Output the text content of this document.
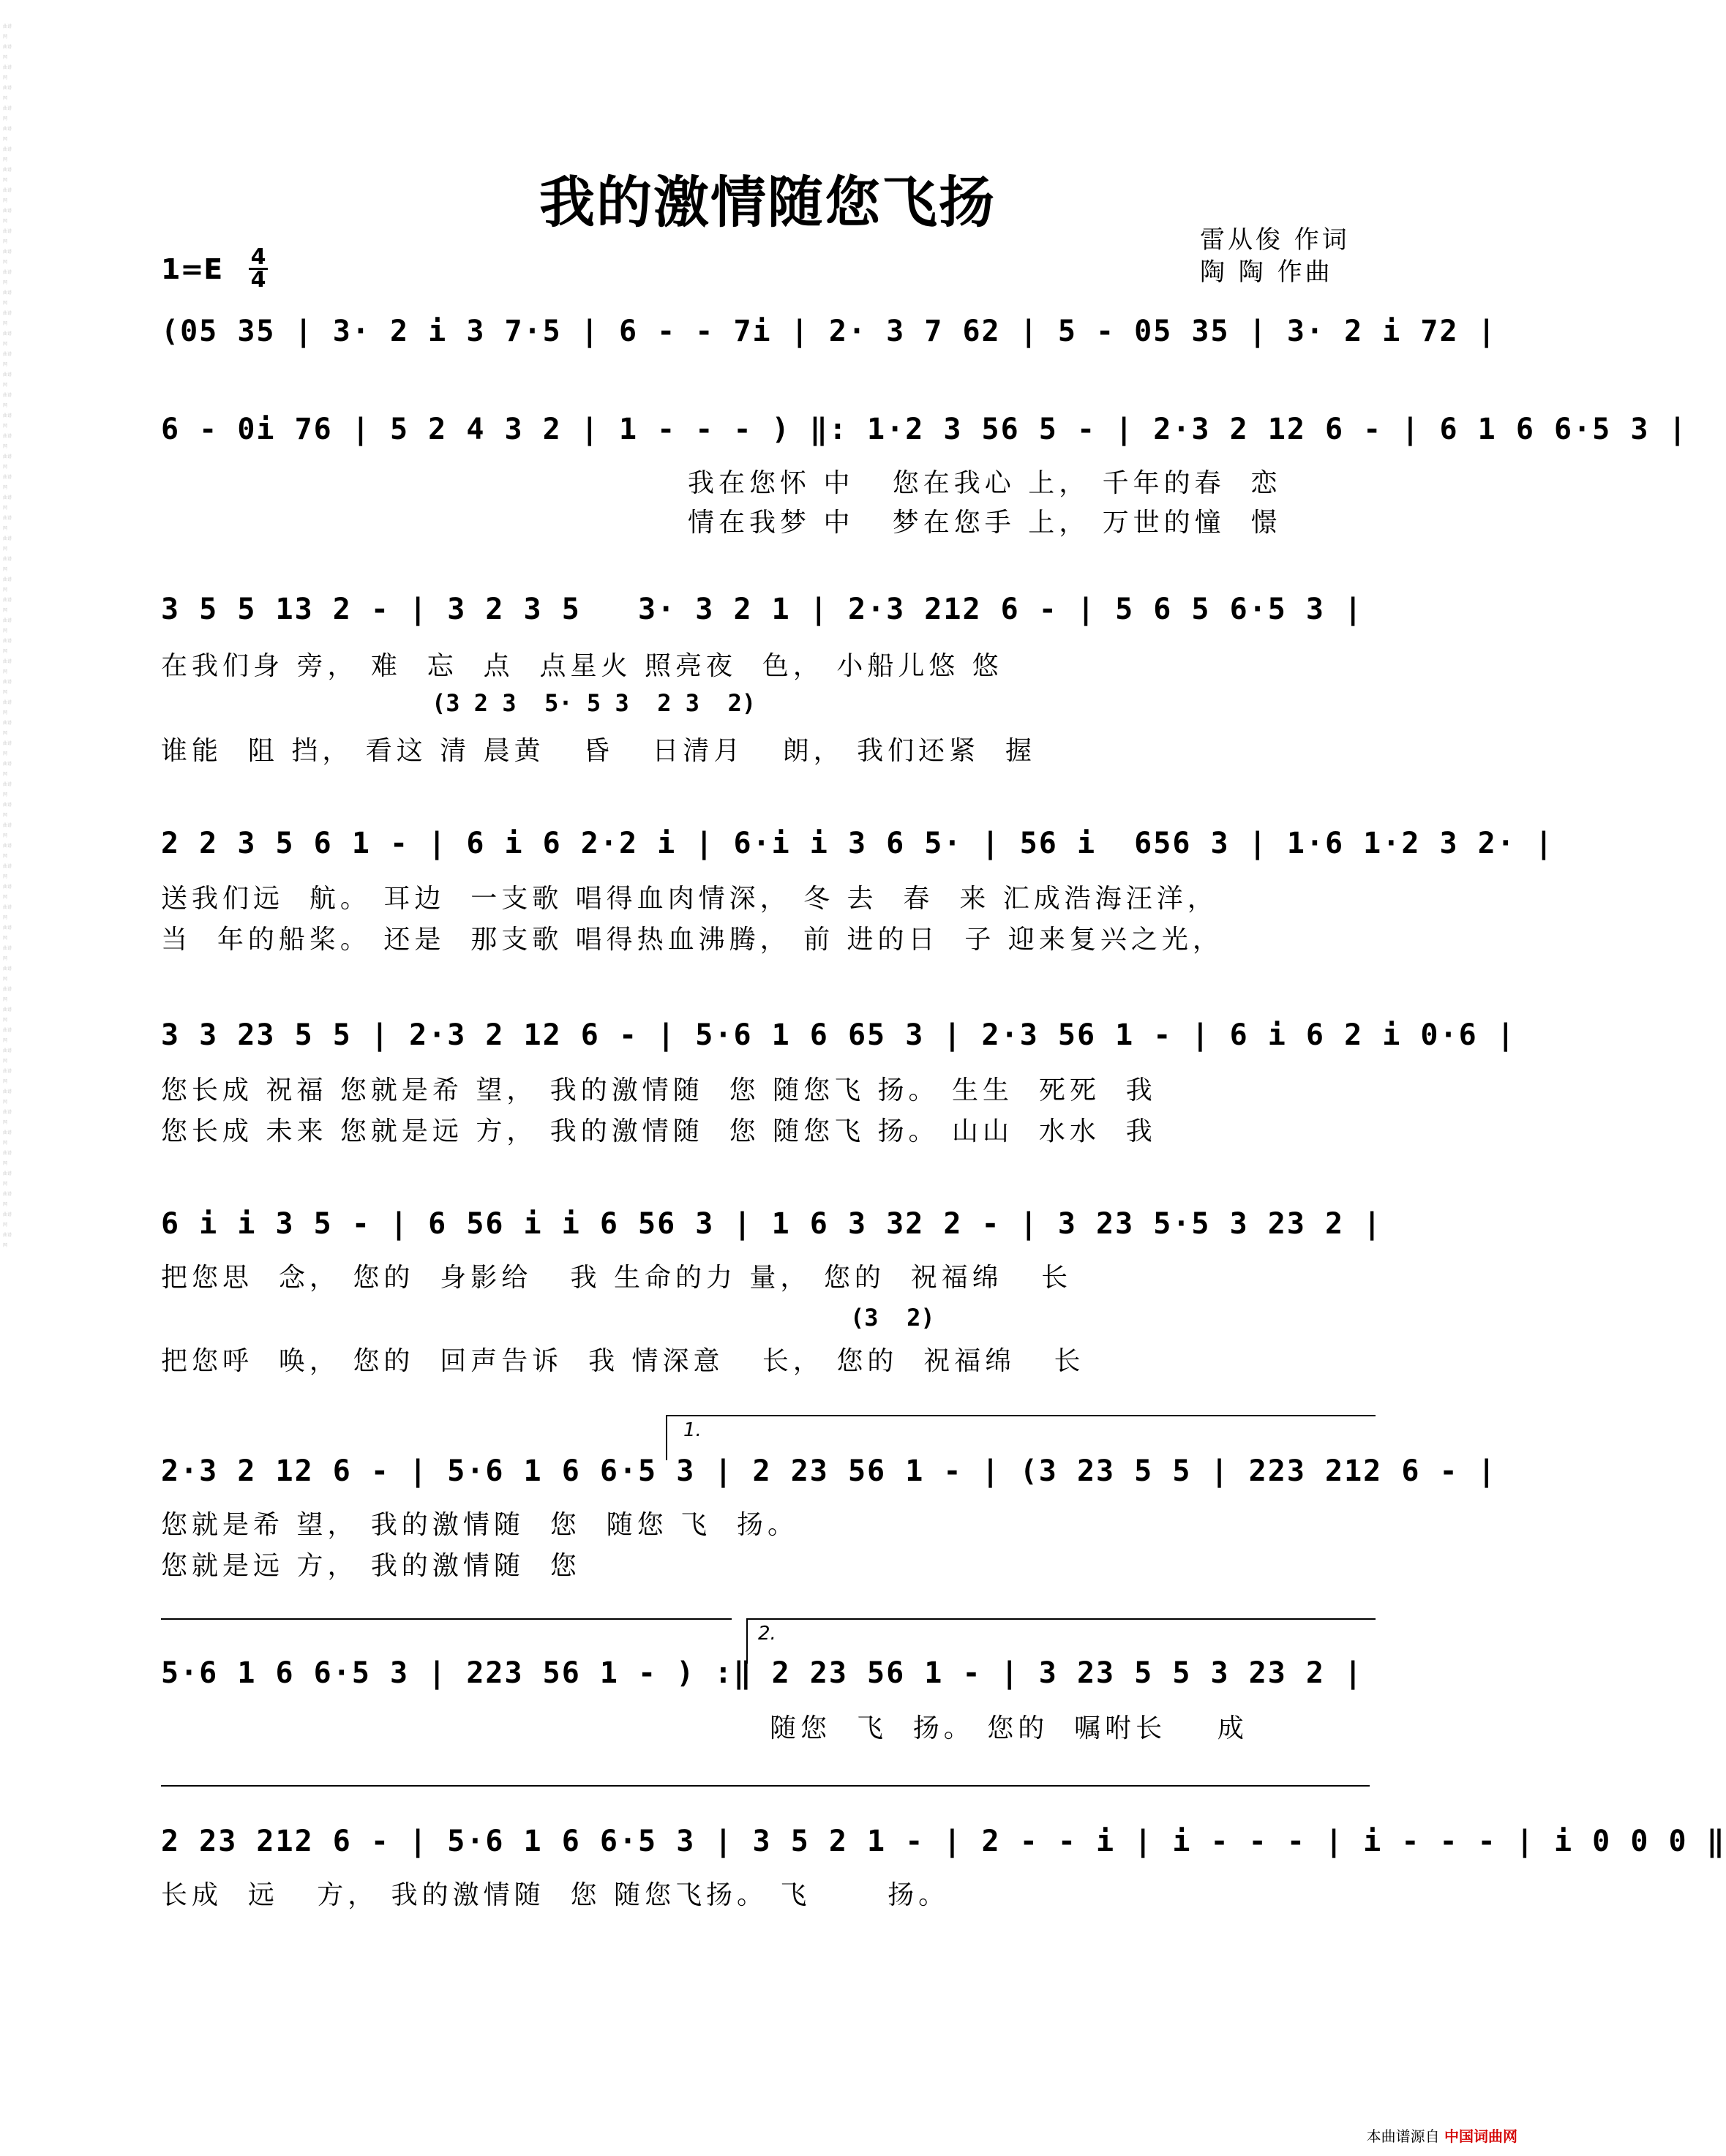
曲谱网 曲谱网 曲谱网 曲谱网 曲谱网 曲谱网 曲谱网 曲谱网 曲谱网 曲谱网 曲谱网 曲谱网 曲谱网 曲谱网 曲谱网 曲谱网 曲谱网 曲谱网 曲谱网 曲谱网 曲谱网 曲谱网 曲谱网 曲谱网 曲谱网 曲谱网 曲谱网 曲谱网 曲谱网 曲谱网 曲谱网 曲谱网 曲谱网 曲谱网 曲谱网 曲谱网 曲谱网 曲谱网 曲谱网 曲谱网 曲谱网 曲谱网 曲谱网 曲谱网 曲谱网 曲谱网 曲谱网 曲谱网 曲谱网 曲谱网 曲谱网 曲谱网 曲谱网 曲谱网 曲谱网 曲谱网 曲谱网 曲谱网 曲谱网 曲谱网
我的激情随您飞扬
雷从俊 作词
陶 陶 作曲
1=E 4
4
(05 35 | 3· 2 i 3 7·5 | 6 - - 7i | 2· 3 7 62 | 5 - 05 35 | 3· 2 i 72 |
6 - 0i 76 | 5 2 4 3 2 | 1 - - - ) ‖: 1·2 3 56 5 - | 2·3 2 12 6 - | 6 1 6 6·5 3 |
我在您怀 中   您在我心 上， 千年的春  恋
情在我梦 中   梦在您手 上， 万世的憧  憬
3 5 5 13 2 - | 3 2 3 5   3· 3 2 1 | 2·3 212 6 - | 5 6 5 6·5 3 |
在我们身 旁， 难  忘  点  点星火 照亮夜  色， 小船儿悠 悠
(3 2 3  5· 5 3  2 3  2)
谁能  阻 挡， 看这 清 晨黄   昏   日清月   朗， 我们还紧  握
2 2 3 5 6 1 - | 6 i 6 2·2 i | 6·i i 3 6 5· | 56 i  656 3 | 1·6 1·2 3 2· |
送我们远  航。 耳边  一支歌 唱得血肉情深， 冬 去  春  来 汇成浩海汪洋，
当  年的船桨。 还是  那支歌 唱得热血沸腾， 前 进的日  子 迎来复兴之光，
3 3 23 5 5 | 2·3 2 12 6 - | 5·6 1 6 65 3 | 2·3 56 1 - | 6 i 6 2 i 0·6 |
您长成 祝福 您就是希 望， 我的激情随  您 随您飞 扬。 生生  死死  我
您长成 未来 您就是远 方， 我的激情随  您 随您飞 扬。 山山  水水  我
6 i i 3 5 - | 6 56 i i 6 56 3 | 1 6 3 32 2 - | 3 23 5·5 3 23 2 |
把您思  念， 您的  身影给   我 生命的力 量， 您的  祝福绵   长
(3  2)
把您呼  唤， 您的  回声告诉  我 情深意   长， 您的  祝福绵   长
1.
2·3 2 12 6 - | 5·6 1 6 6·5 3 | 2 23 56 1 - | (3 23 5 5 | 223 212 6 - |
您就是希 望， 我的激情随  您  随您 飞  扬。
您就是远 方， 我的激情随  您
2.
5·6 1 6 6·5 3 | 223 56 1 - ) :‖ 2 23 56 1 - | 3 23 5 5 3 23 2 |
随您  飞  扬。 您的  嘱咐长    成
2 23 212 6 - | 5·6 1 6 6·5 3 | 3 5 2 1 - | 2 - - i | i - - - | i - - - | i 0 0 0 ‖
长成  远   方， 我的激情随  您 随您飞扬。 飞      扬。
本曲谱源自 中国词曲网
